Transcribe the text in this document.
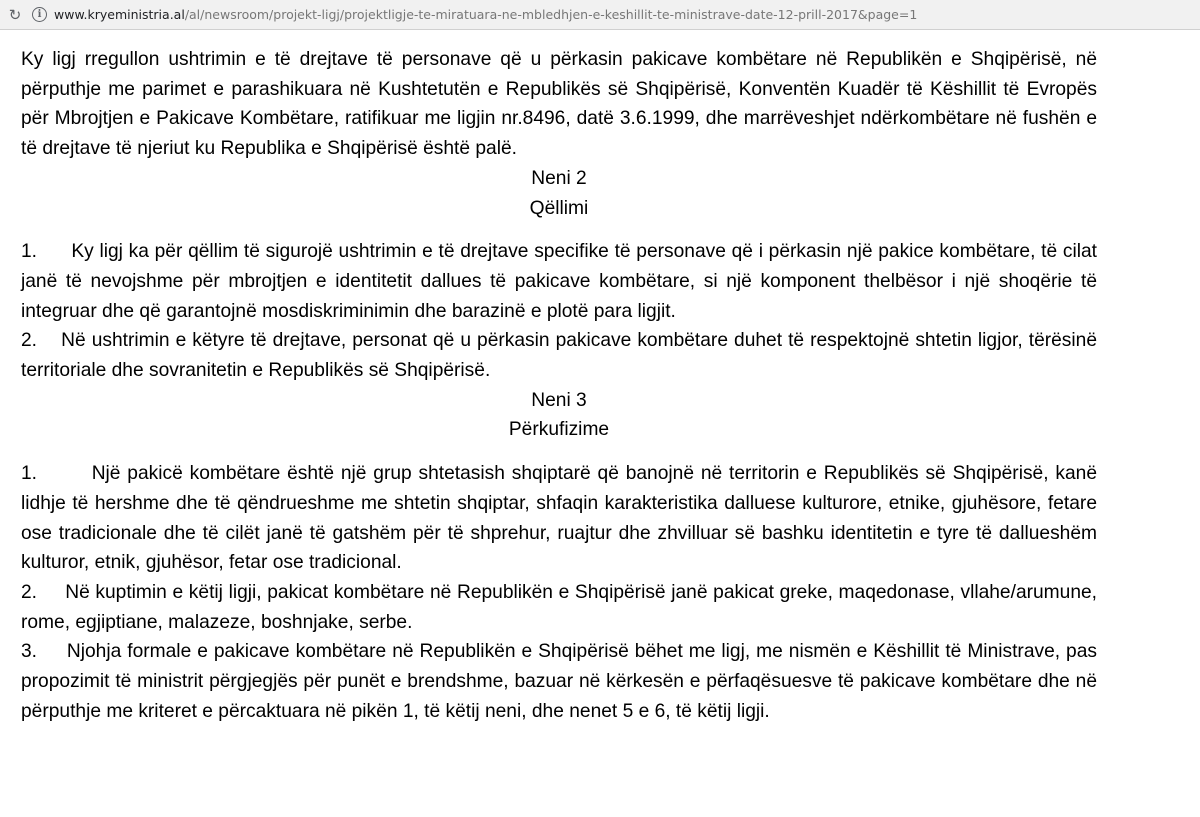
↻	i	www.kryeministria.al/al/newsroom/projekt-ligj/projektligje-te-miratuara-ne-mbledhjen-e-keshillit-te-ministrave-date-12-prill-2017&page=1

Ky ligj rregullon ushtrimin e të drejtave të personave që u përkasin pakicave kombëtare në Republikën e Shqipërisë, në përputhje me parimet e parashikuara në Kushtetutën e Republikës së Shqipërisë, Konventën Kuadër të Këshillit të Evropës për Mbrojtjen e Pakicave Kombëtare, ratifikuar me ligjin nr.8496, datë 3.6.1999, dhe marrëveshjet ndërkombëtare në fushën e të drejtave të njeriut ku Republika e Shqipërisë është palë.

Neni 2
Qëllimi

1. Ky ligj ka për qëllim të sigurojë ushtrimin e të drejtave specifike të personave që i përkasin një pakice kombëtare, të cilat janë të nevojshme për mbrojtjen e identitetit dallues të pakicave kombëtare, si një komponent thelbësor i një shoqërie të integruar dhe që garantojnë mosdiskriminimin dhe barazinë e plotë para ligjit.

2. Në ushtrimin e këtyre të drejtave, personat që u përkasin pakicave kombëtare duhet të respektojnë shtetin ligjor, tërësinë territoriale dhe sovranitetin e Republikës së Shqipërisë.

Neni 3
Përkufizime

1.	Një pakicë kombëtare është një grup shtetasish shqiptarë që banojnë në territorin e Republikës së Shqipërisë, kanë lidhje të hershme dhe të qëndrueshme me shtetin shqiptar, shfaqin karakteristika dalluese kulturore, etnike, gjuhësore, fetare ose tradicionale dhe të cilët janë të gatshëm për të shprehur, ruajtur dhe zhvilluar së bashku identitetin e tyre të dallueshëm kulturor, etnik, gjuhësor, fetar ose tradicional.

2. Në kuptimin e këtij ligji, pakicat kombëtare në Republikën e Shqipërisë janë pakicat greke, maqedonase, vllahe/arumune, rome, egjiptiane, malazeze, boshnjake, serbe.

3. Njohja formale e pakicave kombëtare në Republikën e Shqipërisë bëhet me ligj, me nismën e Këshillit të Ministrave, pas propozimit të ministrit përgjegjës për punët e brendshme, bazuar në kërkesën e përfaqësuesve të pakicave kombëtare dhe në përputhje me kriteret e përcaktuara në pikën 1, të këtij neni, dhe nenet 5 e 6, të këtij ligji.
